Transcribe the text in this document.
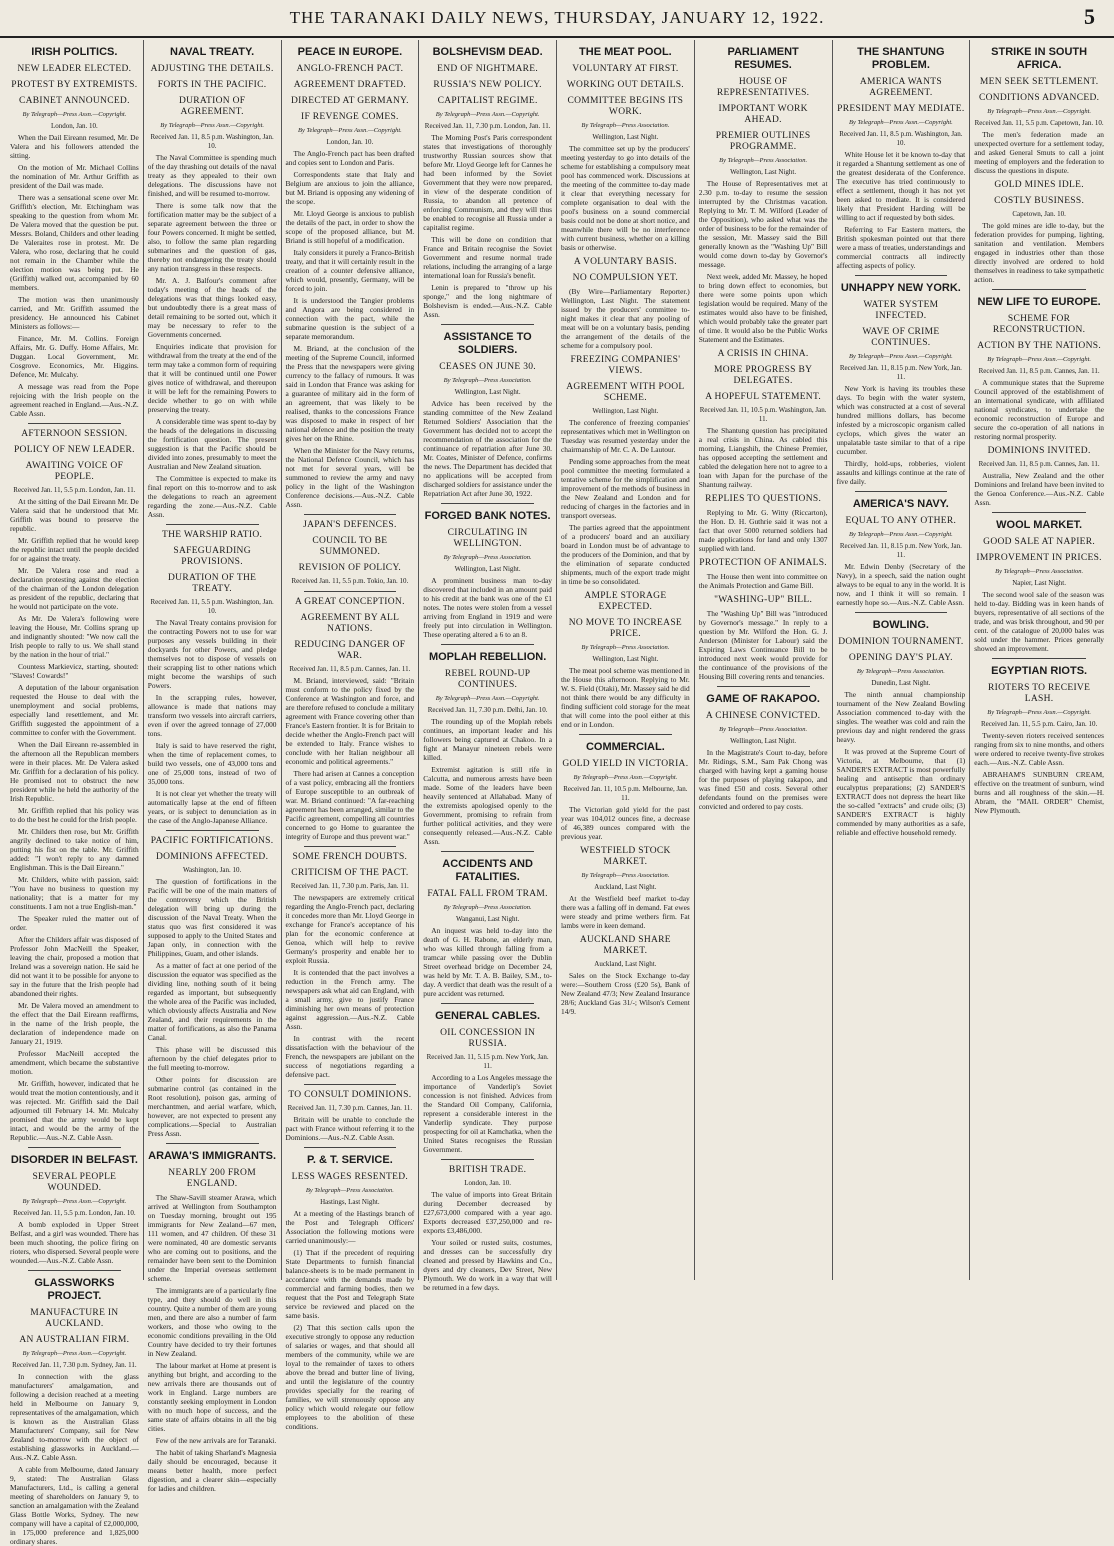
THE TARANAKI DAILY NEWS, THURSDAY, JANUARY 12, 1922.	5
IRISH POLITICS.
NEW LEADER ELECTED.
PROTEST BY EXTREMISTS.
CABINET ANNOUNCED.
By Telegraph—Press Assn.—Copyright.
London, Jan. 10.

When the Dail Eireann resumed, Mr. De Valera and his followers attended the sitting.

On the motion of Mr. Michael Collins the nomination of Mr. Arthur Griffith as president of the Dail was made.

There was a sensational scene over Mr. Griffith's election, Mr. Etchingham was speaking to the question from whom Mr. De Valera moved that the question be put. Messrs. Boland, Childers and other leading De Valeraites rose in protest. Mr. De Valera, who rose, declaring that he could not remain in the Chamber while the election motion was being put. He (Griffith) walked out, accompanied by 60 members.

The motion was then unanimously carried, and Mr. Griffith assumed the presidency. He announced his Cabinet Ministers as follows:—

Finance, Mr. M. Collins. Foreign Affairs, Mr. G. Duffy. Home Affairs, Mr. Duggan. Local Government, Mr. Cosgrove. Economics, Mr. Higgins. Defence, Mr. Mulcahy.

A message was read from the Pope rejoicing with the Irish people on the agreement reached in England.—Aus.-N.Z. Cable Assn.

AFTERNOON SESSION.
POLICY OF NEW LEADER.
AWAITING VOICE OF PEOPLE.
Received Jan. 11, 5.5 p.m. London, Jan. 11.

At the sitting of the Dail Eireann Mr. De Valera said that he understood that Mr. Griffith was bound to preserve the republic.

Mr. Griffith replied that he would keep the republic intact until the people decided for or against the treaty.

Mr. De Valera rose and read a declaration protesting against the election of the chairman of the London delegation as president of the republic, declaring that he would not participate on the vote.

As Mr. De Valera's following were leaving the House, Mr. Collins sprang up and indignantly shouted: "We now call the Irish people to rally to us. We shall stand by the nation in the hour of trial."

Countess Markievicz, starting, shouted: "Slaves! Cowards!"

A deputation of the labour organisation requested the House to deal with the unemployment and social problems, especially land resettlement, and Mr. Griffith suggested the appointment of a committee to confer with the Government.

When the Dail Eireann re-assembled in the afternoon all the Republican members were in their places. Mr. De Valera asked Mr. Griffith for a declaration of his policy. He promised not to obstruct the new president while he held the authority of the Irish Republic.

Mr. Griffith replied that his policy was to do the best he could for the Irish people.

Mr. Childers then rose, but Mr. Griffith angrily declined to take notice of him, putting his fist on the table. Mr. Griffith added: "I won't reply to any damned Englishman. This is the Dail Eireann."

Mr. Childers, white with passion, said: "You have no business to question my nationality; that is a matter for my constituents. I am not a true English-man."

The Speaker ruled the matter out of order.

After the Childers affair was disposed of Professor John MacNeill the Speaker, leaving the chair, proposed a motion that Ireland was a sovereign nation. He said he did not want it to be possible for anyone to say in the future that the Irish people had abandoned their rights.

Mr. De Valera moved an amendment to the effect that the Dail Eireann reaffirms, in the name of the Irish people, the declaration of independence made on January 21, 1919.

Professor MacNeill accepted the amendment, which became the substantive motion.

Mr. Griffith, however, indicated that he would treat the motion contentiously, and it was rejected. Mr. Griffith said the Dail adjourned till February 14. Mr. Mulcahy promised that the army would be kept intact, and would be the army of the Republic.—Aus.-N.Z. Cable Assn.

DISORDER IN BELFAST.
SEVERAL PEOPLE WOUNDED.
By Telegraph—Press Assn.—Copyright.
Received Jan. 11, 5.5 p.m. London, Jan. 10.

A bomb exploded in Upper Street Belfast, and a girl was wounded. There has been much shooting, the police firing on rioters, who dispersed. Several people were wounded.—Aus.-N.Z. Cable Assn.

GLASSWORKS PROJECT.
MANUFACTURE IN AUCKLAND.
AN AUSTRALIAN FIRM.
By Telegraph—Press Assn.—Copyright.
Received Jan. 11, 7.30 p.m. Sydney, Jan. 11.

In connection with the glass manufacturers' amalgamation, and following a decision reached at a meeting held in Melbourne on January 9, representatives of the amalgamation, which is known as the Australian Glass Manufacturers' Company, sail for New Zealand to-morrow with the object of establishing glassworks in Auckland.—Aus.-N.Z. Cable Assn.

A cable from Melbourne, dated January 9, stated: The Australian Glass Manufacturers, Ltd., is calling a general meeting of shareholders on January 9, to sanction an amalgamation with the Zealand Glass Bottle Works, Sydney. The new company will have a capital of £2,000,000, in 175,000 preference and 1,825,000 ordinary shares.

NAVAL TREATY.
ADJUSTING THE DETAILS.
FORTS IN THE PACIFIC.
DURATION OF AGREEMENT.
By Telegraph—Press Assn.—Copyright.
Received Jan. 11, 8.5 p.m. Washington, Jan. 10.

The Naval Committee is spending much of the day thrashing out details of the naval treaty as they appealed to their own delegations. The discussions have not finished, and will be resumed to-morrow.

There is some talk now that the fortification matter may be the subject of a separate agreement between the three or four Powers concerned. It might be settled, also, to follow the same plan regarding submarines and the question of gas, thereby not endangering the treaty should any nation transgress in these respects.

Mr. A. J. Balfour's comment after today's meeting of the heads of the delegations was that things looked easy, but undoubtedly there is a great mass of detail remaining to be sorted out, which it may be necessary to refer to the Governments concerned.

Enquiries indicate that provision for withdrawal from the treaty at the end of the term may take a common form of requiring that it will be continued until one Power gives notice of withdrawal, and thereupon it will be left for the remaining Powers to decide whether to go on with while preserving the treaty.

A considerable time was spent to-day by the heads of the delegations in discussing the fortification question. The present suggestion is that the Pacific should be divided into zones, presumably to meet the Australian and New Zealand situation.

The Committee is expected to make its final report on this to-morrow and to ask the delegations to reach an agreement regarding the zone.—Aus.-N.Z. Cable Assn.

THE WARSHIP RATIO.
SAFEGUARDING PROVISIONS.
DURATION OF THE TREATY.
Received Jan. 11, 5.5 p.m. Washington, Jan. 10.

The Naval Treaty contains provision for the contracting Powers not to use for war purposes any vessels building in their dockyards for other Powers, and pledge themselves not to dispose of vessels on their scrapping list to other nations which might become the warships of such Powers.

In the scrapping rules, however, allowance is made that nations may transform two vessels into aircraft carriers, even if over the agreed tonnage of 27,000 tons.

Italy is said to have reserved the right, when the time of replacement comes, to build two vessels, one of 43,000 tons and one of 25,000 tons, instead of two of 35,000 tons.

It is not clear yet whether the treaty will automatically lapse at the end of fifteen years, or is subject to denunciation as in the case of the Anglo-Japanese Alliance.

PACIFIC FORTIFICATIONS.
DOMINIONS AFFECTED.
Washington, Jan. 10.

The question of fortifications in the Pacific will be one of the main matters of the controversy which the British delegation will bring up during the discussion of the Naval Treaty. When the status quo was first considered it was supposed to apply to the United States and Japan only, in connection with the Philippines, Guam, and other islands.

As a matter of fact at one period of the discussion the equator was specified as the dividing line, nothing south of it being regarded as important, but subsequently the whole area of the Pacific was included, which obviously affects Australia and New Zealand, and their requirements in the matter of fortifications, as also the Panama Canal.

This phase will be discussed this afternoon by the chief delegates prior to the full meeting to-morrow.

Other points for discussion are submarine control (as contained in the Root resolution), poison gas, arming of merchantmen, and aerial warfare, which, however, are not expected to present any complications.—Special to Australian Press Assn.

ARAWA'S IMMIGRANTS.
NEARLY 200 FROM ENGLAND.

The Shaw-Savill steamer Arawa, which arrived at Wellington from Southampton on Tuesday morning, brought out 195 immigrants for New Zealand—67 men, 111 women, and 47 children. Of these 31 were nominated, 40 are domestic servants who are coming out to positions, and the remainder have been sent to the Dominion under the Imperial overseas settlement scheme.

The immigrants are of a particularly fine type, and they should do well in this country. Quite a number of them are young men, and there are also a number of farm workers, and those who owing to the economic conditions prevailing in the Old Country have decided to try their fortunes in New Zealand.

The labour market at Home at present is anything but bright, and according to the new arrivals there are thousands out of work in England. Large numbers are constantly seeking employment in London with no much hope of success, and the same state of affairs obtains in all the big cities.

Few of the new arrivals are for Taranaki.

The habit of taking Sharland's Magnesia daily should be encouraged, because it means better health, more perfect digestion, and a clearer skin—especially for ladies and children.

PEACE IN EUROPE.
ANGLO-FRENCH PACT.
AGREEMENT DRAFTED.
DIRECTED AT GERMANY.
IF REVENGE COMES.
By Telegraph—Press Assn.—Copyright.
London, Jan. 10.

The Anglo-French pact has been drafted and copies sent to London and Paris.

Correspondents state that Italy and Belgium are anxious to join the alliance, but M. Briand is opposing any widening of the scope.

Mr. Lloyd George is anxious to publish the details of the pact, in order to show the scope of the proposed alliance, but M. Briand is still hopeful of a modification.

Italy considers it purely a Franco-British treaty, and that it will certainly result in the creation of a counter defensive alliance, which would, presently, Germany, will be forced to join.

It is understood the Tangier problems and Angora are being considered in connection with the pact, while the submarine question is the subject of a separate memorandum.

M. Briand, at the conclusion of the meeting of the Supreme Council, informed the Press that the newspapers were giving currency to the fallacy of rumours. It was said in London that France was asking for a guarantee of military aid in the form of an agreement, that was likely to be realised, thanks to the concessions France was disposed to make in respect of her national defence and the position the treaty gives her on the Rhine.

When the Minister for the Navy returns, the National Defence Council, which has not met for several years, will be summoned to review the army and navy policy in the light of the Washington Conference decisions.—Aus.-N.Z. Cable Assn.

JAPAN'S DEFENCES.
COUNCIL TO BE SUMMONED.
REVISION OF POLICY.
Received Jan. 11, 5.5 p.m. Tokio, Jan. 10.
A GREAT CONCEPTION.
AGREEMENT BY ALL NATIONS.
REDUCING DANGER OF WAR.
Received Jan. 11, 8.5 p.m. Cannes, Jan. 11.

M. Briand, interviewed, said: "Britain must conform to the policy fixed by the Conference at Washington and force, and are therefore refused to conclude a military agreement with France covering other than France's Eastern frontier. It is for Britain to decide whether the Anglo-French pact will be extended to Italy. France wishes to conclude with her Italian neighbour all economic and political agreements."

There had arisen at Cannes a conception of a vast policy, embracing all the frontiers of Europe susceptible to an outbreak of war. M. Briand continued: "A far-reaching agreement has been arranged, similar to the Pacific agreement, compelling all countries concerned to go Home to guarantee the integrity of Europe and thus prevent war."

SOME FRENCH DOUBTS.
CRITICISM OF THE PACT.
Received Jan. 11, 7.30 p.m. Paris, Jan. 11.

The newspapers are extremely critical regarding the Anglo-French pact, declaring it concedes more than Mr. Lloyd George in exchange for France's acceptance of his plan for the economic conference at Genoa, which will help to revive Germany's prosperity and enable her to exploit Russia.

It is contended that the pact involves a reduction in the French army. The newspapers ask what aid can England, with a small army, give to justify France diminishing her own means of protection against aggression.—Aus.-N.Z. Cable Assn.

In contrast with the recent dissatisfaction with the behaviour of the French, the newspapers are jubilant on the success of negotiations regarding a defensive pact.

TO CONSULT DOMINIONS.
Received Jan. 11, 7.30 p.m. Cannes, Jan. 11.

Britain will be unable to conclude the pact with France without referring it to the Dominions.—Aus.-N.Z. Cable Assn.

P. & T. SERVICE.
LESS WAGES RESENTED.
By Telegraph—Press Association.
Hastings, Last Night.

At a meeting of the Hastings branch of the Post and Telegraph Officers' Association the following motions were carried unanimously:—

(1) That if the precedent of requiring State Departments to furnish financial balance-sheets is to be made permanent in accordance with the demands made by commercial and farming bodies, then we request that the Post and Telegraph State service be reviewed and placed on the same basis.

(2) That this section calls upon the executive strongly to oppose any reduction of salaries or wages, and that should all members of the community, while we are loyal to the remainder of taxes to others above the bread and butter line of living, and until the legislature of the country provides specially for the rearing of families, we will strenuously oppose any policy which would relegate our fellow employees to the abolition of these conditions.

BOLSHEVISM DEAD.
END OF NIGHTMARE.
RUSSIA'S NEW POLICY.
CAPITALIST REGIME.
By Telegraph—Press Assn.—Copyright.
Received Jan. 11, 7.30 p.m. London, Jan. 11.

The Morning Post's Paris correspondent states that investigations of thoroughly trustworthy Russian sources show that before Mr. Lloyd George left for Cannes he had been informed by the Soviet Government that they were now prepared, in view of the desperate condition of Russia, to abandon all pretence of enforcing Communism, and they will thus be enabled to recognise all Russia under a capitalist regime.

This will be done on condition that France and Britain recognise the Soviet Government and resume normal trade relations, including the arranging of a large international loan for Russia's benefit.

Lenin is prepared to "throw up his sponge," and the long nightmare of Bolshevism is ended.—Aus.-N.Z. Cable Assn.

ASSISTANCE TO SOLDIERS.
CEASES ON JUNE 30.
By Telegraph—Press Association.
Wellington, Last Night.

Advice has been received by the standing committee of the New Zealand Returned Soldiers' Association that the Government has decided not to accept the recommendation of the association for the continuance of repatriation after June 30. Mr. Coates, Minister of Defence, confirms the news. The Department has decided that no applications will be accepted from discharged soldiers for assistance under the Repatriation Act after June 30, 1922.

FORGED BANK NOTES.
CIRCULATING IN WELLINGTON.
By Telegraph—Press Association.
Wellington, Last Night.

A prominent business man to-day discovered that included in an amount paid to his credit at the bank was one of the £1 notes. The notes were stolen from a vessel arriving from England in 1919 and were freely put into circulation in Wellington. These operating altered a 6 to an 8.

MOPLAH REBELLION.
REBEL ROUND-UP CONTINUES.
By Telegraph—Press Assn.—Copyright.
Received Jan. 11, 7.30 p.m. Delhi, Jan. 10.

The rounding up of the Moplah rebels continues, an important leader and his followers being captured at Chakoo. In a fight at Manayur nineteen rebels were killed.

Extremist agitation is still rife in Calcutta, and numerous arrests have been made. Some of the leaders have been heavily sentenced at Allahabad. Many of the extremists apologised openly to the Government, promising to refrain from further political activities, and they were consequently released.—Aus.-N.Z. Cable Assn.

ACCIDENTS AND FATALITIES.
FATAL FALL FROM TRAM.
By Telegraph—Press Association.
Wanganui, Last Night.

An inquest was held to-day into the death of G. H. Rabone, an elderly man, who was killed through falling from a tramcar while passing over the Dublin Street overhead bridge on December 24, was held by Mr. T. A. B. Bailey, S.M., to-day. A verdict that death was the result of a pure accident was returned.

GENERAL CABLES.
OIL CONCESSION IN RUSSIA.
Received Jan. 11, 5.15 p.m. New York, Jan. 11.

According to a Los Angeles message the importance of Vanderlip's Soviet concession is not finished. Advices from the Standard Oil Company, California, represent a considerable interest in the Vanderlip syndicate. They purpose prospecting for oil at Kamchatka, when the United States recognises the Russian Government.

BRITISH TRADE.
London, Jan. 10.

The value of imports into Great Britain during December decreased by £27,673,000 compared with a year ago. Exports decreased £37,250,000 and re-exports £3,486,000.

Your soiled or rusted suits, costumes, and dresses can be successfully dry cleaned and pressed by Hawkins and Co., dyers and dry cleaners, Dev Street, New Plymouth. We do work in a way that will be returned in a few days.

THE MEAT POOL.
VOLUNTARY AT FIRST.
WORKING OUT DETAILS.
COMMITTEE BEGINS ITS WORK.
By Telegraph—Press Association.
Wellington, Last Night.

The committee set up by the producers' meeting yesterday to go into details of the scheme for establishing a compulsory meat pool has commenced work. Discussions at the meeting of the committee to-day made it clear that everything necessary for complete organisation to deal with the pool's business on a sound commercial basis could not be done at short notice, and meanwhile there will be no interference with current business, whether on a killing basis or otherwise.

A VOLUNTARY BASIS.
NO COMPULSION YET.

(By Wire—Parliamentary Reporter.) Wellington, Last Night. The statement issued by the producers' committee to-night makes it clear that any pooling of meat will be on a voluntary basis, pending the arrangement of the details of the scheme for a compulsory pool.

FREEZING COMPANIES' VIEWS.
AGREEMENT WITH POOL SCHEME.
Wellington, Last Night.

The conference of freezing companies' representatives which met in Wellington on Tuesday was resumed yesterday under the chairmanship of Mr. C. A. De Lautour.

Pending some approaches from the meat pool committee the meeting formulated a tentative scheme for the simplification and improvement of the methods of business in the New Zealand and London and for reducing of charges in the factories and in transport overseas.

The parties agreed that the appointment of a producers' board and an auxiliary board in London must be of advantage to the producers of the Dominion, and that by the elimination of separate conducted shipments, much of the export trade might in time be so consolidated.

AMPLE STORAGE EXPECTED.
NO MOVE TO INCREASE PRICE.
By Telegraph—Press Association.
Wellington, Last Night.

The meat pool scheme was mentioned in the House this afternoon. Replying to Mr. W. S. Field (Otaki), Mr. Massey said he did not think there would be any difficulty in finding sufficient cold storage for the meat that will come into the pool either at this end or in London.

COMMERCIAL.
GOLD YIELD IN VICTORIA.
By Telegraph—Press Assn.—Copyright.
Received Jan. 11, 10.5 p.m. Melbourne, Jan. 11.

The Victorian gold yield for the past year was 104,012 ounces fine, a decrease of 46,389 ounces compared with the previous year.

WESTFIELD STOCK MARKET.
By Telegraph—Press Association.
Auckland, Last Night.

At the Westfield beef market to-day there was a falling off in demand. Fat ewes were steady and prime wethers firm. Fat lambs were in keen demand.

AUCKLAND SHARE MARKET.
Auckland, Last Night.

Sales on the Stock Exchange to-day were:—Southern Cross (£20 5s), Bank of New Zealand 47/3; New Zealand Insurance 28/6; Auckland Gas 31/-; Wilson's Cement 14/9.

PARLIAMENT RESUMES.
HOUSE OF REPRESENTATIVES.
IMPORTANT WORK AHEAD.
PREMIER OUTLINES PROGRAMME.
By Telegraph—Press Association.
Wellington, Last Night.

The House of Representatives met at 2.30 p.m. to-day to resume the session interrupted by the Christmas vacation. Replying to Mr. T. M. Wilford (Leader of the Opposition), who asked what was the order of business to be for the remainder of the session, Mr. Massey said the Bill generally known as the "Washing Up" Bill would come down to-day by Governor's message.

Next week, added Mr. Massey, he hoped to bring down effect to economies, but there were some points upon which legislation would be required. Many of the estimates would also have to be finished, which would probably take the greater part of time. It would also be the Public Works Statement and the Estimates.

A CRISIS IN CHINA.
MORE PROGRESS BY DELEGATES.
A HOPEFUL STATEMENT.
Received Jan. 11, 10.5 p.m. Washington, Jan. 11.

The Shantung question has precipitated a real crisis in China. As cabled this morning, Liangshih, the Chinese Premier, has opposed accepting the settlement and cabled the delegation here not to agree to a loan with Japan for the purchase of the Shantung railway.

REPLIES TO QUESTIONS.

Replying to Mr. G. Witty (Riccarton), the Hon. D. H. Guthrie said it was not a fact that over 5000 returned soldiers had made applications for land and only 1307 supplied with land.

PROTECTION OF ANIMALS.

The House then went into committee on the Animals Protection and Game Bill.

"WASHING-UP" BILL.

The "Washing Up" Bill was "introduced by Governor's message." In reply to a question by Mr. Wilford the Hon. G. J. Anderson (Minister for Labour) said the Expiring Laws Continuance Bill to be introduced next week would provide for the continuance of the provisions of the Housing Bill covering rents and tenancies.

GAME OF RAKAPOO.
A CHINESE CONVICTED.
By Telegraph—Press Association.
Wellington, Last Night.

In the Magistrate's Court to-day, before Mr. Ridings, S.M., Sam Pak Chong was charged with having kept a gaming house for the purposes of playing rakapoo, and was fined £50 and costs. Several other defendants found on the premises were convicted and ordered to pay costs.

THE SHANTUNG PROBLEM.
AMERICA WANTS AGREEMENT.
PRESIDENT MAY MEDIATE.
By Telegraph—Press Assn.—Copyright.
Received Jan. 11, 8.5 p.m. Washington, Jan. 10.

White House let it be known to-day that it regarded a Shantung settlement as one of the greatest desiderata of the Conference. The executive has tried continuously to effect a settlement, though it has not yet been asked to mediate. It is considered likely that President Harding will be willing to act if requested by both sides.

Referring to Far Eastern matters, the British spokesman pointed out that there were a mass of treaties, understandings and commercial contracts all indirectly affecting aspects of policy.

UNHAPPY NEW YORK.
WATER SYSTEM INFECTED.
WAVE OF CRIME CONTINUES.
By Telegraph—Press Assn.—Copyright.
Received Jan. 11, 8.15 p.m. New York, Jan. 11.

New York is having its troubles these days. To begin with the water system, which was constructed at a cost of several hundred millions dollars, has become infested by a microscopic organism called cyclops, which gives the water an unpalatable taste similar to that of a ripe cucumber.

Thirdly, hold-ups, robberies, violent assaults and killings continue at the rate of five daily.

AMERICA'S NAVY.
EQUAL TO ANY OTHER.
By Telegraph—Press Assn.—Copyright.
Received Jan. 11, 8.15 p.m. New York, Jan. 11.

Mr. Edwin Denby (Secretary of the Navy), in a speech, said the nation ought always to be equal to any in the world. It is now, and I think it will so remain. I earnestly hope so.—Aus.-N.Z. Cable Assn.

BOWLING.
DOMINION TOURNAMENT.
OPENING DAY'S PLAY.
By Telegraph—Press Association.
Dunedin, Last Night.

The ninth annual championship tournament of the New Zealand Bowling Association commenced to-day with the singles. The weather was cold and rain the previous day and night rendered the grass heavy.

It was proved at the Supreme Court of Victoria, at Melbourne, that (1) SANDER'S EXTRACT is most powerfully healing and antiseptic than ordinary eucalyptus preparations; (2) SANDER'S EXTRACT does not depress the heart like the so-called "extracts" and crude oils; (3) SANDER'S EXTRACT is highly commended by many authorities as a safe, reliable and effective household remedy.

STRIKE IN SOUTH AFRICA.
MEN SEEK SETTLEMENT.
CONDITIONS ADVANCED.
By Telegraph—Press Assn.—Copyright.
Received Jan. 11, 5.5 p.m. Capetown, Jan. 10.

The men's federation made an unexpected overture for a settlement today, and asked General Smuts to call a joint meeting of employers and the federation to discuss the questions in dispute.

GOLD MINES IDLE.
COSTLY BUSINESS.
Capetown, Jan. 10.

The gold mines are idle to-day, but the federation provides for pumping, lighting, sanitation and ventilation. Members engaged in industries other than those directly involved are ordered to hold themselves in readiness to take sympathetic action.

NEW LIFE TO EUROPE.
SCHEME FOR RECONSTRUCTION.
ACTION BY THE NATIONS.
By Telegraph—Press Assn.—Copyright.
Received Jan. 11, 8.5 p.m. Cannes, Jan. 11.

A communique states that the Supreme Council approved of the establishment of an international syndicate, with affiliated national syndicates, to undertake the economic reconstruction of Europe and secure the co-operation of all nations in restoring normal prosperity.

DOMINIONS INVITED.
Received Jan. 11, 8.5 p.m. Cannes, Jan. 11.

Australia, New Zealand and the other Dominions and Ireland have been invited to the Genoa Conference.—Aus.-N.Z. Cable Assn.

WOOL MARKET.
GOOD SALE AT NAPIER.
IMPROVEMENT IN PRICES.
By Telegraph—Press Association.
Napier, Last Night.

The second wool sale of the season was held to-day. Bidding was in keen hands of buyers, representative of all sections of the trade, and was brisk throughout, and 90 per cent. of the catalogue of 20,000 bales was sold under the hammer. Prices generally showed an improvement.

EGYPTIAN RIOTS.
RIOTERS TO RECEIVE LASH.
By Telegraph—Press Assn.—Copyright.
Received Jan. 11, 5.5 p.m. Cairo, Jan. 10.

Twenty-seven rioters received sentences ranging from six to nine months, and others were ordered to receive twenty-five strokes each.—Aus.-N.Z. Cable Assn.

ABRAHAM'S SUNBURN CREAM, effective on the treatment of sunburn, wind burns and all roughness of the skin.—H. Abram, the "MAIL ORDER" Chemist, New Plymouth.
